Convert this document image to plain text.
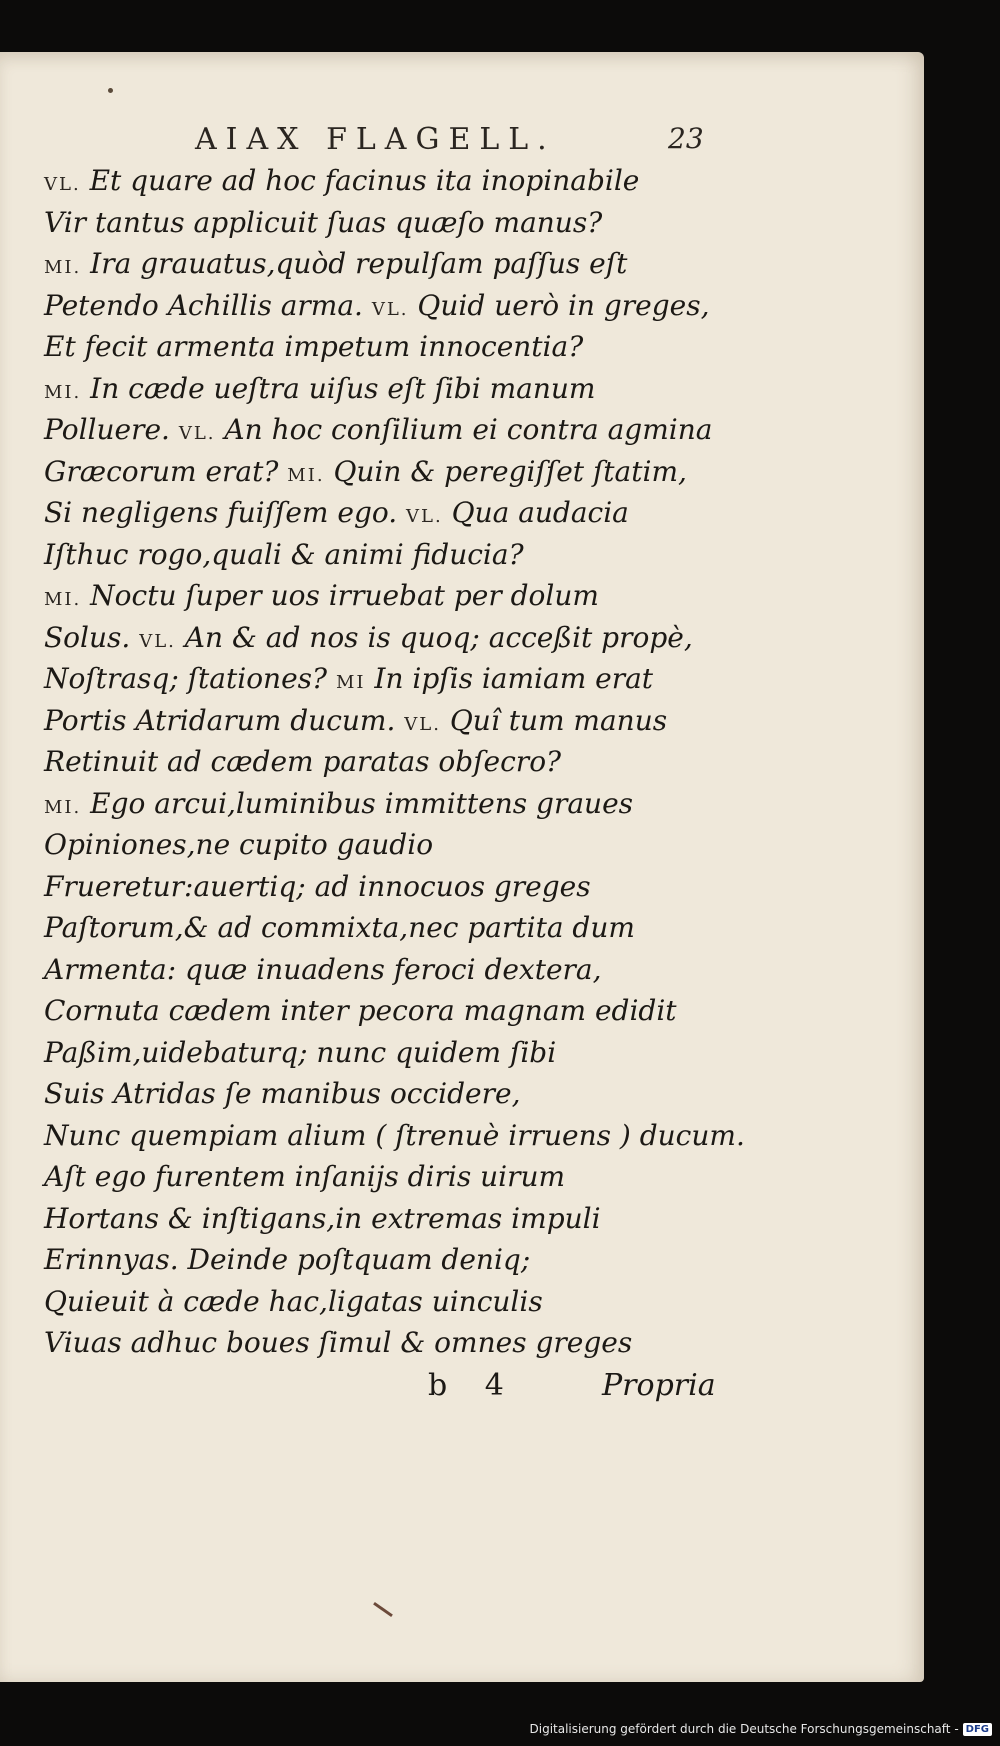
AIAX FLAGELL.	23
VL. Et quare ad hoc facinus ita inopinabile
Vir tantus applicuit ſuas quæſo manus?
MI. Ira grauatus,quòd repulſam paſſus eſt
Petendo Achillis arma. VL. Quid uerò in greges,
Et fecit armenta impetum innocentia?
MI. In cæde ueſtra uiſus eſt ſibi manum
Polluere. VL. An hoc conſilium ei contra agmina
Græcorum erat? MI. Quin & peregiſſet ſtatim,
Si negligens fuiſſem ego. VL. Qua audacia
Iſthuc rogo,quali & animi fiducia?
MI. Noctu ſuper uos irruebat per dolum
Solus. VL. An & ad nos is quoq; acceßit propè,
Noſtrasq; ſtationes? MI In ipſis iamiam erat
Portis Atridarum ducum. VL. Quî tum manus
Retinuit ad cædem paratas obſecro?
MI. Ego arcui,luminibus immittens graues
Opiniones,ne cupito gaudio
Frueretur:auertiq; ad innocuos greges
Paſtorum,& ad commixta,nec partita dum
Armenta: quæ inuadens feroci dextera,
Cornuta cædem inter pecora magnam edidit
Paßim,uidebaturq; nunc quidem ſibi
Suis Atridas ſe manibus occidere,
Nunc quempiam alium ( ſtrenuè irruens ) ducum.
Aſt ego furentem inſanijs diris uirum
Hortans & inſtigans,in extremas impuli
Erinnyas. Deinde poſtquam deniq;
Quieuit à cæde hac,ligatas uinculis
Viuas adhuc boues ſimul & omnes greges
b 4	Propria
Digitalisierung gefördert durch die Deutsche Forschungsgemeinschaft - DFG
